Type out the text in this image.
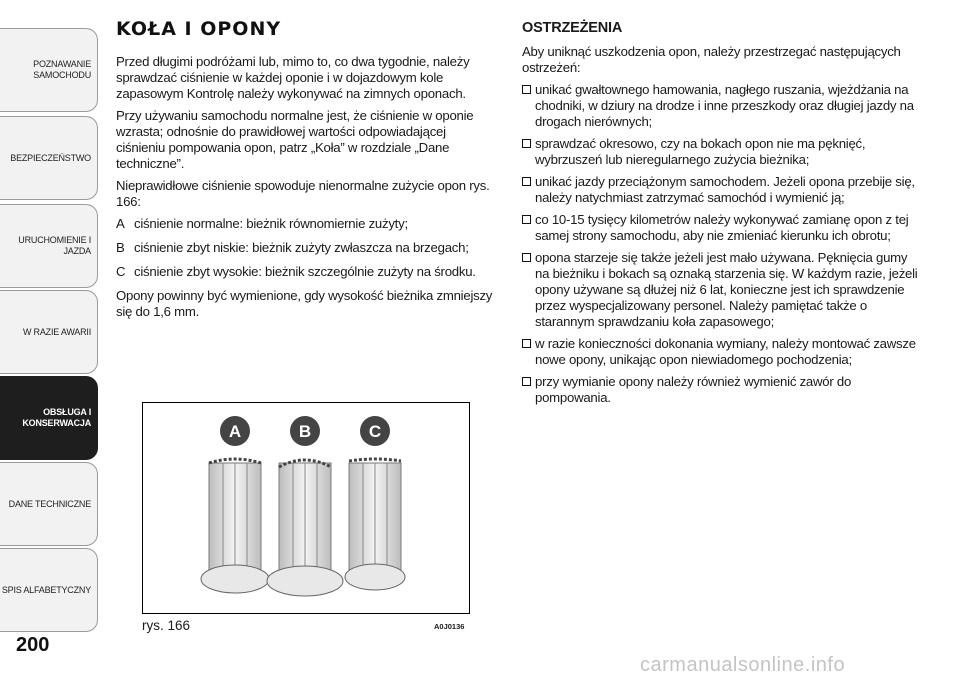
POZNAWANIE
SAMOCHODU
BEZPIECZEŃSTWO
URUCHOMIENIE I
JAZDA
W RAZIE AWARII
OBSŁUGA I
KONSERWACJA
DANE TECHNICZNE
SPIS ALFABETYCZNY
200
KOŁA I OPONY

Przed długimi podróżami lub, mimo to, co dwa tygodnie, należy sprawdzać ciśnienie w każdej oponie i w dojazdowym kole zapasowym Kontrolę należy wykonywać na zimnych oponach.

Przy używaniu samochodu normalne jest, że ciśnienie w oponie wzrasta; odnośnie do prawidłowej wartości odpowiadającej ciśnieniu pompowania opon, patrz „Koła” w rozdziale „Dane techniczne”.

Nieprawidłowe ciśnienie spowoduje nienormalne zużycie opon rys. 166:

A ciśnienie normalne: bieżnik równomiernie zużyty;
B ciśnienie zbyt niskie: bieżnik zużyty zwłaszcza na brzegach;
C ciśnienie zbyt wysokie: bieżnik szczególnie zużyty na środku.

Opony powinny być wymienione, gdy wysokość bieżnika zmniejszy się do 1,6 mm.

A	B	C
rys. 166	A0J0136
OSTRZEŻENIA

Aby uniknąć uszkodzenia opon, należy przestrzegać następujących ostrzeżeń:

unikać gwałtownego hamowania, nagłego ruszania, wjeżdżania na chodniki, w dziury na drodze i inne przeszkody oraz długiej jazdy na drogach nierównych;
sprawdzać okresowo, czy na bokach opon nie ma pęknięć, wybrzuszeń lub nieregularnego zużycia bieżnika;
unikać jazdy przeciążonym samochodem. Jeżeli opona przebije się, należy natychmiast zatrzymać samochód i wymienić ją;
co 10-15 tysięcy kilometrów należy wykonywać zamianę opon z tej samej strony samochodu, aby nie zmieniać kierunku ich obrotu;
opona starzeje się także jeżeli jest mało używana. Pęknięcia gumy na bieżniku i bokach są oznaką starzenia się. W każdym razie, jeżeli opony używane są dłużej niż 6 lat, konieczne jest ich sprawdzenie przez wyspecjalizowany personel. Należy pamiętać także o starannym sprawdzaniu koła zapasowego;
w razie konieczności dokonania wymiany, należy montować zawsze nowe opony, unikając opon niewiadomego pochodzenia;
przy wymianie opony należy również wymienić zawór do pompowania.
carmanualsonline.info
